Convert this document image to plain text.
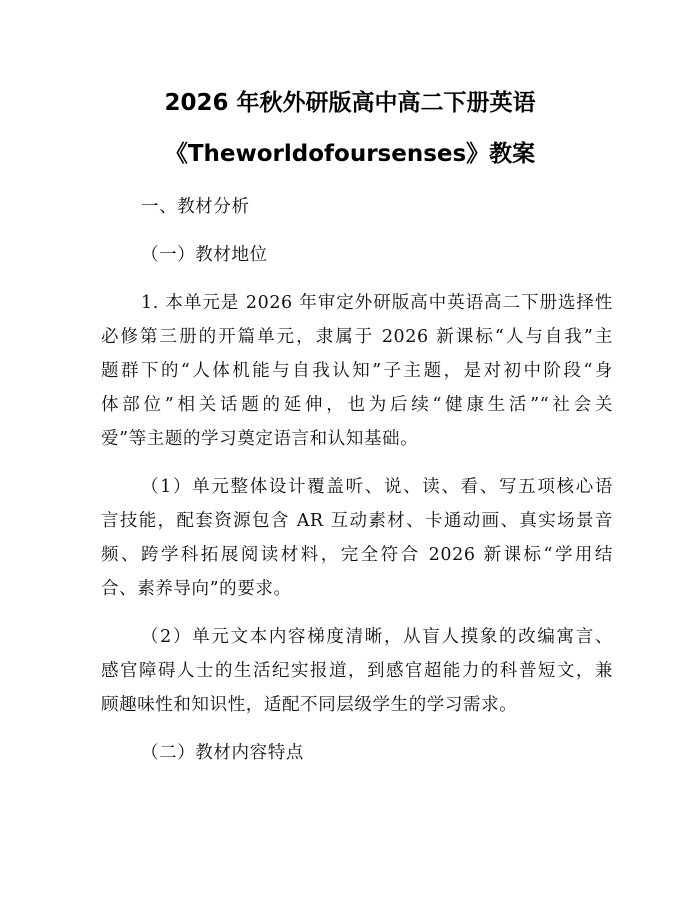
2026 年秋外研版高中高二下册英语
《Theworldofoursenses》教案
一、教材分析
（一）教材地位
1. 本单元是 2026 年审定外研版高中英语高二下册选择性
必修第三册的开篇单元，隶属于 2026 新课标“人与自我”主
题群下的“人体机能与自我认知”子主题，是对初中阶段“身
体部位”相关话题的延伸，也为后续“健康生活”“社会关
爱”等主题的学习奠定语言和认知基础。
（1）单元整体设计覆盖听、说、读、看、写五项核心语
言技能，配套资源包含 AR 互动素材、卡通动画、真实场景音
频、跨学科拓展阅读材料，完全符合 2026 新课标“学用结
合、素养导向”的要求。
（2）单元文本内容梯度清晰，从盲人摸象的改编寓言、
感官障碍人士的生活纪实报道，到感官超能力的科普短文，兼
顾趣味性和知识性，适配不同层级学生的学习需求。
（二）教材内容特点
